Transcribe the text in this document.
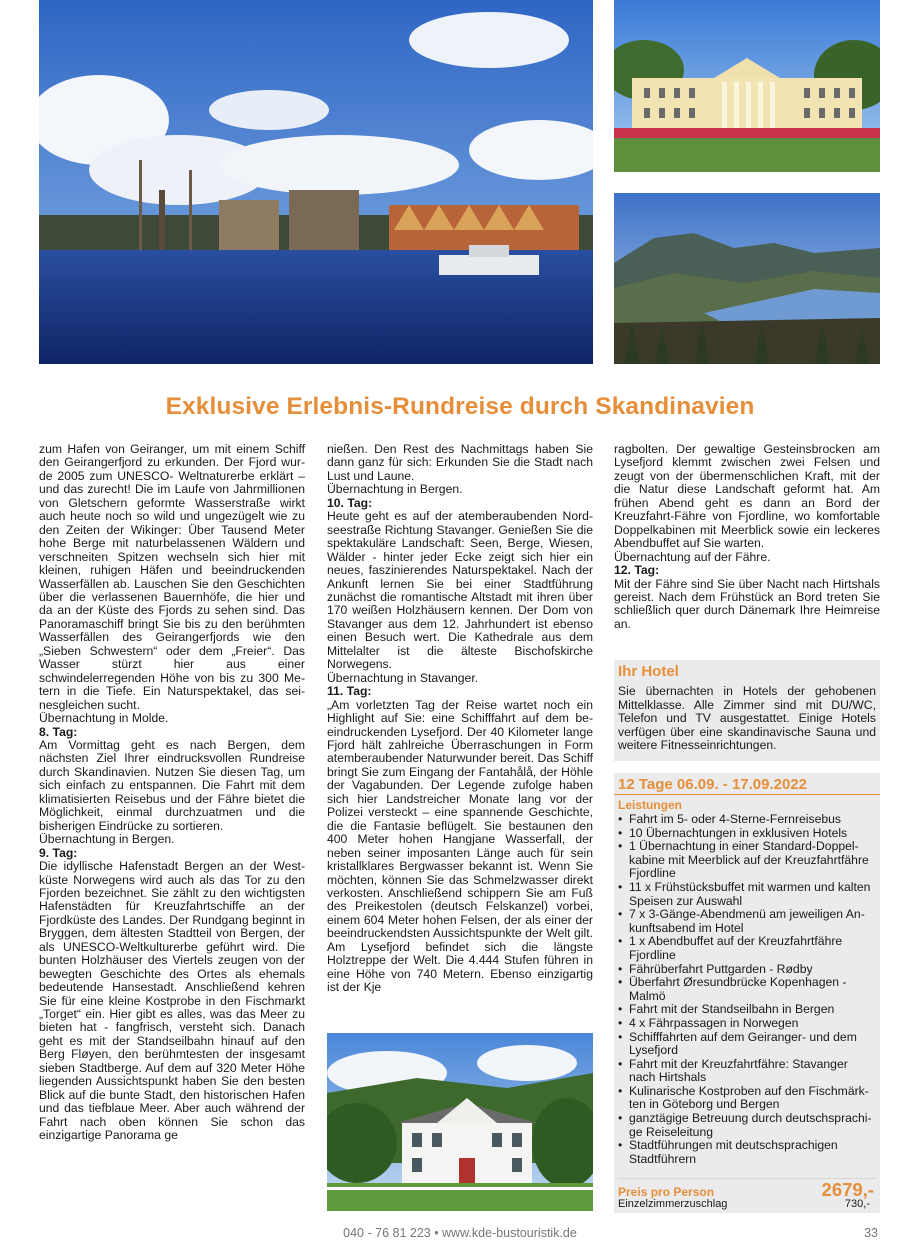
Exklusive Erlebnis-Rundreise durch Skandinavien

zum Hafen von Geiranger, um mit einem Schiff den Geirangerfjord zu erkunden. Der Fjord wurde 2005 zum UNESCO- Weltnaturerbe erklärt – und das zurecht! Die im Laufe von Jahrmillionen von Gletschern geformte Wasserstraße wirkt auch heute noch so wild und ungezügelt wie zu den Zeiten der Wikinger: Über Tausend Meter hohe Berge mit naturbelassenen Wäldern und verschneiten Spitzen wechseln sich hier mit kleinen, ruhigen Häfen und beeindruckenden Wasserfällen ab. Lauschen Sie den Geschichten über die verlassenen Bauernhöfe, die hier und da an der Küste des Fjords zu sehen sind. Das Panoramaschiff bringt Sie bis zu den berühmten Wasserfällen des Geirangerfjords wie den „Sieben Schwestern“ oder dem „Freier“. Das Wasser stürzt hier aus einer schwindelerregenden Höhe von bis zu 300 Metern in die Tiefe. Ein Naturspektakel, das seinesgleichen sucht.

Übernachtung in Molde.

8. Tag:

Am Vormittag geht es nach Bergen, dem nächsten Ziel Ihrer eindrucksvollen Rundreise durch Skandinavien. Nutzen Sie diesen Tag, um sich einfach zu entspannen. Die Fahrt mit dem klimatisierten Reisebus und der Fähre bietet die Möglichkeit, einmal durchzuatmen und die bisherigen Eindrücke zu sortieren.

Übernachtung in Bergen.

9. Tag:

Die idyllische Hafenstadt Bergen an der Westküste Norwegens wird auch als das Tor zu den Fjorden bezeichnet. Sie zählt zu den wichtigsten Hafenstädten für Kreuzfahrtschiffe an der Fjordküste des Landes. Der Rundgang beginnt in Bryggen, dem ältesten Stadtteil von Bergen, der als UNESCO-Weltkulturerbe geführt wird. Die bunten Holzhäuser des Viertels zeugen von der bewegten Geschichte des Ortes als ehemals bedeutende Hansestadt. Anschließend kehren Sie für eine kleine Kostprobe in den Fischmarkt „Torget“ ein. Hier gibt es alles, was das Meer zu bieten hat - fangfrisch, versteht sich. Danach geht es mit der Standseilbahn hinauf auf den Berg Fløyen, den berühmtesten der insgesamt sieben Stadtberge. Auf dem auf 320 Meter Höhe liegenden Aussichtspunkt haben Sie den besten Blick auf die bunte Stadt, den historischen Hafen und das tiefblaue Meer. Aber auch während der Fahrt nach oben können Sie schon das einzigartige Panorama ge

nießen. Den Rest des Nachmittags haben Sie dann ganz für sich: Erkunden Sie die Stadt nach Lust und Laune.

Übernachtung in Bergen.

10. Tag:

Heute geht es auf der atemberaubenden Nordseestraße Richtung Stavanger. Genießen Sie die spektakuläre Landschaft: Seen, Berge, Wiesen, Wälder - hinter jeder Ecke zeigt sich hier ein neues, faszinierendes Naturspektakel. Nach der Ankunft lernen Sie bei einer Stadtführung zunächst die romantische Altstadt mit ihren über 170 weißen Holzhäusern kennen. Der Dom von Stavanger aus dem 12. Jahrhundert ist ebenso einen Besuch wert. Die Kathedrale aus dem Mittelalter ist die älteste Bischofskirche Norwegens.

Übernachtung in Stavanger.

11. Tag:

„Am vorletzten Tag der Reise wartet noch ein Highlight auf Sie: eine Schifffahrt auf dem beeindruckenden Lysefjord. Der 40 Kilometer lange Fjord hält zahlreiche Überraschungen in Form atemberaubender Naturwunder bereit. Das Schiff bringt Sie zum Eingang der Fantahålå, der Höhle der Vagabunden. Der Legende zufolge haben sich hier Landstreicher Monate lang vor der Polizei versteckt – eine spannende Geschichte, die die Fantasie beflügelt. Sie bestaunen den 400 Meter hohen Hangjane Wasserfall, der neben seiner imposanten Länge auch für sein kristallklares Bergwasser bekannt ist. Wenn Sie möchten, können Sie das Schmelzwasser direkt verkosten. Anschließend schippern Sie am Fuß des Preikestolen (deutsch Felskanzel) vorbei, einem 604 Meter hohen Felsen, der als einer der beeindruckendsten Aussichtspunkte der Welt gilt. Am Lysefjord befindet sich die längste Holztreppe der Welt. Die 4.444 Stufen führen in eine Höhe von 740 Metern. Ebenso einzigartig ist der Kje

ragbolten. Der gewaltige Gesteinsbrocken am Lysefjord klemmt zwischen zwei Felsen und zeugt von der übermenschlichen Kraft, mit der die Natur diese Landschaft geformt hat. Am frühen Abend geht es dann an Bord der Kreuzfahrt-Fähre von Fjordline, wo komfortable Doppelkabinen mit Meerblick sowie ein leckeres Abendbuffet auf Sie warten.

Übernachtung auf der Fähre.

12. Tag:

Mit der Fähre sind Sie über Nacht nach Hirtshals gereist. Nach dem Frühstück an Bord treten Sie schließlich quer durch Dänemark Ihre Heimreise an.

Ihr Hotel
Sie übernachten in Hotels der gehobenen Mittelklasse. Alle Zimmer sind mit DU/WC, Telefon und TV ausgestattet. Einige Hotels verfügen über eine skandinavische Sauna und weitere Fitnesseinrichtungen.
12 Tage 06.09. - 17.09.2022
Leistungen
• Fahrt im 5- oder 4-Sterne-Fernreisebus
• 10 Übernachtungen in exklusiven Hotels
• 1 Übernachtung in einer Standard-Doppelkabine mit Meerblick auf der Kreuzfahrtfähre Fjordline
• 11 x Frühstücksbuffet mit warmen und kalten Speisen zur Auswahl
• 7 x 3-Gänge-Abendmenü am jeweiligen Ankunftsabend im Hotel
• 1 x Abendbuffet auf der Kreuzfahrtfähre Fjordline
• Fährüberfahrt Puttgarden - Rødby
• Überfahrt Øresundbrücke Kopenhagen - Malmö
• Fahrt mit der Standseilbahn in Bergen
• 4 x Fährpassagen in Norwegen
• Schifffahrten auf dem Geiranger- und dem Lysefjord
• Fahrt mit der Kreuzfahrtfähre: Stavanger nach Hirtshals
• Kulinarische Kostproben auf den Fischmärkten in Göteborg und Bergen
• ganztägige Betreuung durch deutschsprachige Reiseleitung
• Stadtführungen mit deutschsprachigen Stadtführern
Preis pro Person	2679,-
Einzelzimmerzuschlag	730,-
040 - 76 81 223 • www.kde-bustouristik.de	33
